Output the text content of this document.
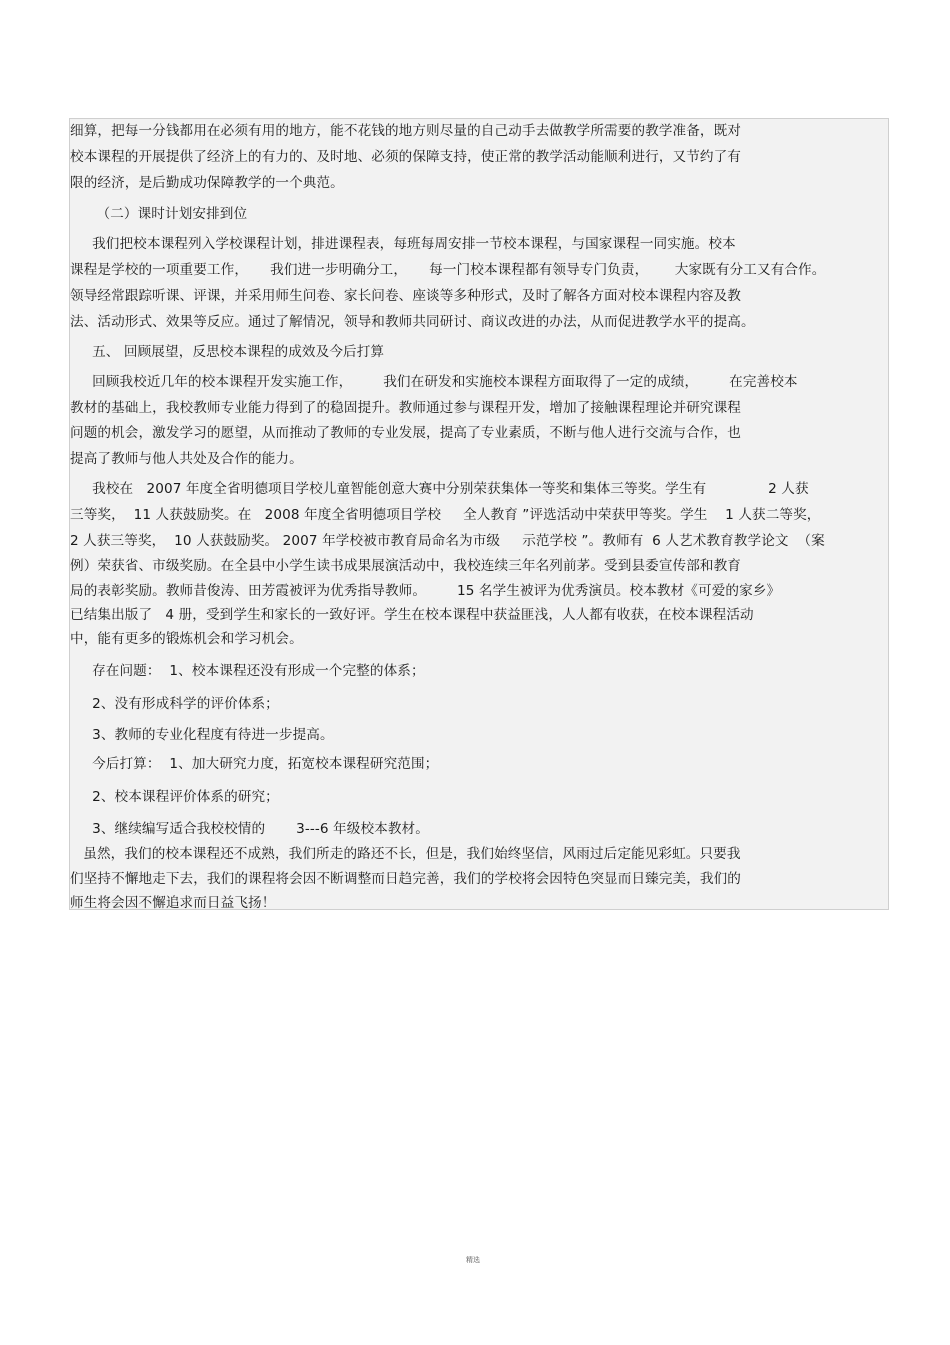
细算，把每一分钱都用在必须有用的地方，能不花钱的地方则尽量的自己动手去做教学所需要的教学准备，既对
校本课程的开展提供了经济上的有力的、及时地、必须的保障支持，使正常的教学活动能顺利进行，又节约了有
限的经济，是后勤成功保障教学的一个典范。
（二）课时计划安排到位
我们把校本课程列入学校课程计划，排进课程表，每班每周安排一节校本课程，与国家课程一同实施。校本
课程是学校的一项重要工作，     我们进一步明确分工，     每一门校本课程都有领导专门负责，      大家既有分工又有合作。
领导经常跟踪听课、评课，并采用师生问卷、家长问卷、座谈等多种形式，及时了解各方面对校本课程内容及教
法、活动形式、效果等反应。通过了解情况，领导和教师共同研讨、商议改进的办法，从而促进教学水平的提高。
五、 回顾展望，反思校本课程的成效及今后打算
回顾我校近几年的校本课程开发实施工作，       我们在研发和实施校本课程方面取得了一定的成绩，       在完善校本
教材的基础上，我校教师专业能力得到了的稳固提升。教师通过参与课程开发，增加了接触课程理论并研究课程
问题的机会，激发学习的愿望，从而推动了教师的专业发展，提高了专业素质，不断与他人进行交流与合作，也
提高了教师与他人共处及合作的能力。
我校在   2007 年度全省明德项目学校儿童智能创意大赛中分别荣获集体一等奖和集体三等奖。学生有              2 人获
三等奖，  11 人获鼓励奖。在   2008 年度全省明德项目学校     全人教育 ”评选活动中荣获甲等奖。学生    1 人获二等奖，
2 人获三等奖，  10 人获鼓励奖。 2007 年学校被市教育局命名为市级     示范学校 ”。教师有  6 人艺术教育教学论文  （案
例）荣获省、市级奖励。在全县中小学生读书成果展演活动中，我校连续三年名列前茅。受到县委宣传部和教育
局的表彰奖励。教师昔俊涛、田芳霞被评为优秀指导教师。       15 名学生被评为优秀演员。校本教材《可爱的家乡》
已结集出版了   4 册，受到学生和家长的一致好评。学生在校本课程中获益匪浅，人人都有收获，在校本课程活动
中，能有更多的锻炼机会和学习机会。
存在问题：  1、校本课程还没有形成一个完整的体系；
2、没有形成科学的评价体系；
3、教师的专业化程度有待进一步提高。
今后打算：  1、加大研究力度，拓宽校本课程研究范围；
2、校本课程评价体系的研究；
3、继续编写适合我校校情的       3---6 年级校本教材。
虽然，我们的校本课程还不成熟，我们所走的路还不长，但是，我们始终坚信，风雨过后定能见彩虹。只要我
们坚持不懈地走下去，我们的课程将会因不断调整而日趋完善，我们的学校将会因特色突显而日臻完美，我们的
师生将会因不懈追求而日益飞扬！
精选
